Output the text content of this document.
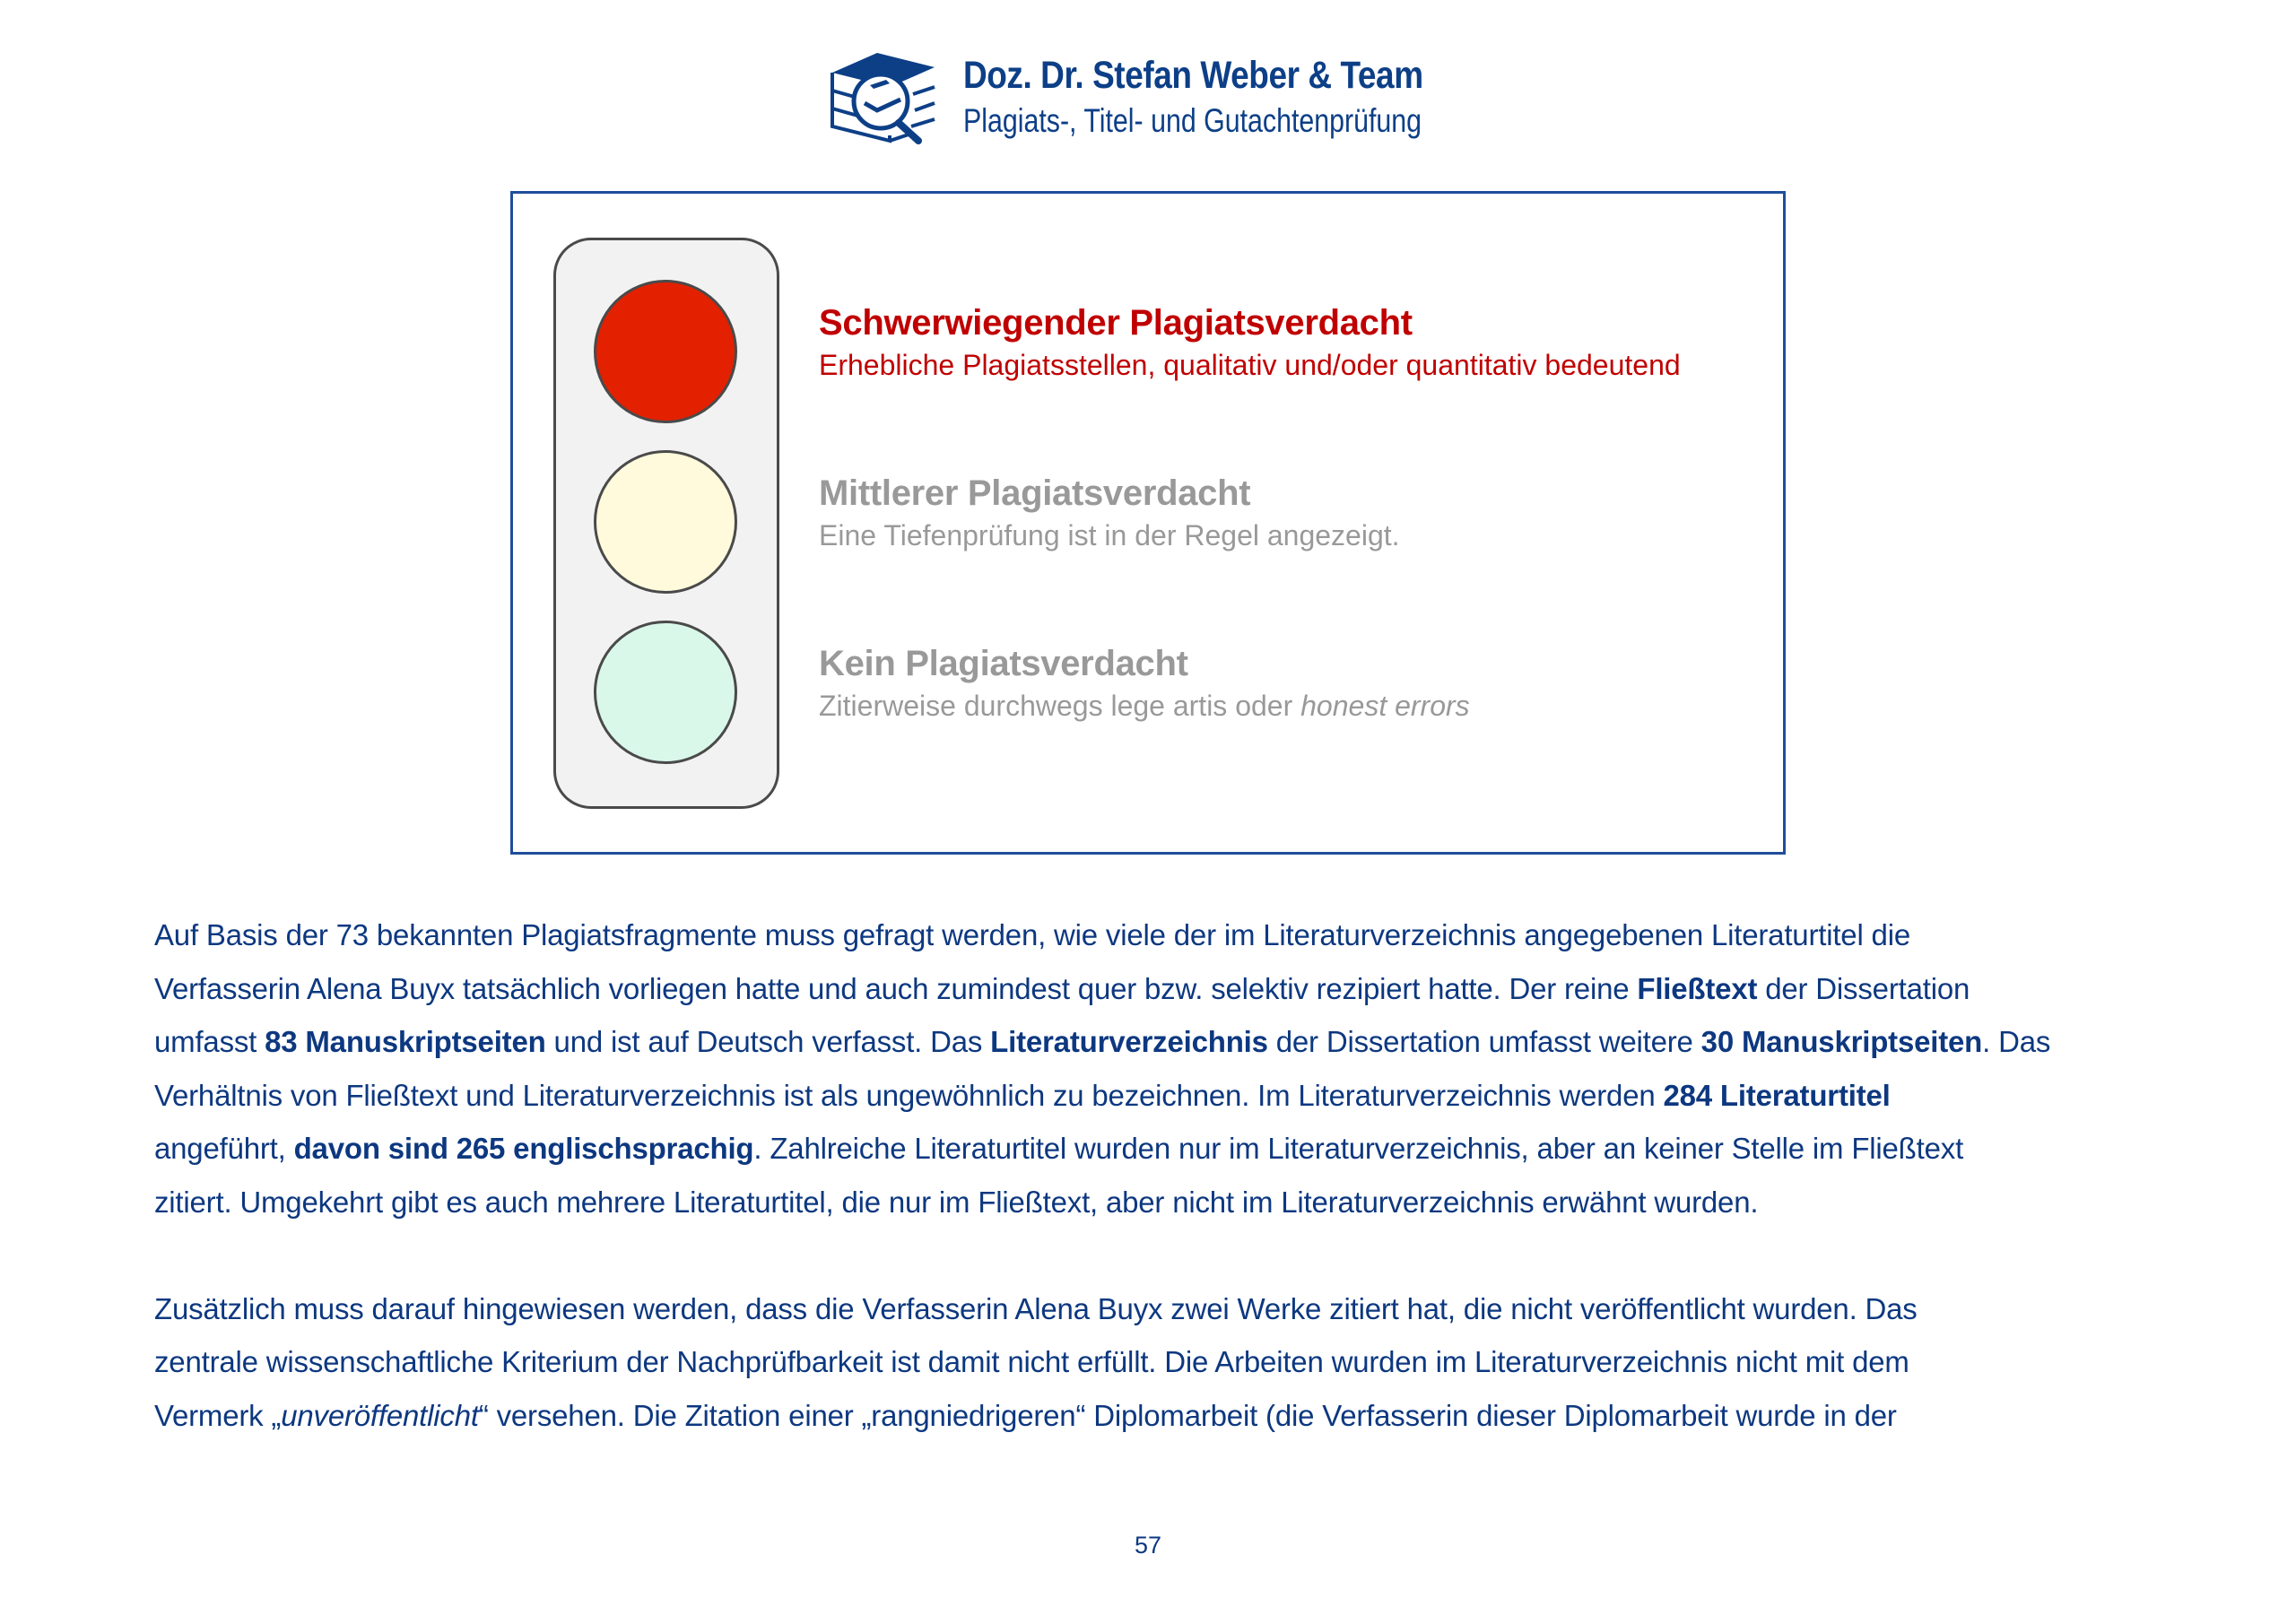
Doz. Dr. Stefan Weber & Team
Plagiats-, Titel- und Gutachtenprüfung
Schwerwiegender Plagiatsverdacht
Erhebliche Plagiatsstellen, qualitativ und/oder quantitativ bedeutend
Mittlerer Plagiatsverdacht
Eine Tiefenprüfung ist in der Regel angezeigt.
Kein Plagiatsverdacht
Zitierweise durchwegs lege artis oder honest errors

Auf Basis der 73 bekannten Plagiatsfragmente muss gefragt werden, wie viele der im Literaturverzeichnis angegebenen Literaturtitel die
Verfasserin Alena Buyx tatsächlich vorliegen hatte und auch zumindest quer bzw. selektiv rezipiert hatte. Der reine Fließtext der Dissertation
umfasst 83 Manuskriptseiten und ist auf Deutsch verfasst. Das Literaturverzeichnis der Dissertation umfasst weitere 30 Manuskriptseiten. Das
Verhältnis von Fließtext und Literaturverzeichnis ist als ungewöhnlich zu bezeichnen. Im Literaturverzeichnis werden 284 Literaturtitel
angeführt, davon sind 265 englischsprachig. Zahlreiche Literaturtitel wurden nur im Literaturverzeichnis, aber an keiner Stelle im Fließtext
zitiert. Umgekehrt gibt es auch mehrere Literaturtitel, die nur im Fließtext, aber nicht im Literaturverzeichnis erwähnt wurden.

Zusätzlich muss darauf hingewiesen werden, dass die Verfasserin Alena Buyx zwei Werke zitiert hat, die nicht veröffentlicht wurden. Das
zentrale wissenschaftliche Kriterium der Nachprüfbarkeit ist damit nicht erfüllt. Die Arbeiten wurden im Literaturverzeichnis nicht mit dem
Vermerk „unveröffentlicht“ versehen. Die Zitation einer „rangniedrigeren“ Diplomarbeit (die Verfasserin dieser Diplomarbeit wurde in der

57
